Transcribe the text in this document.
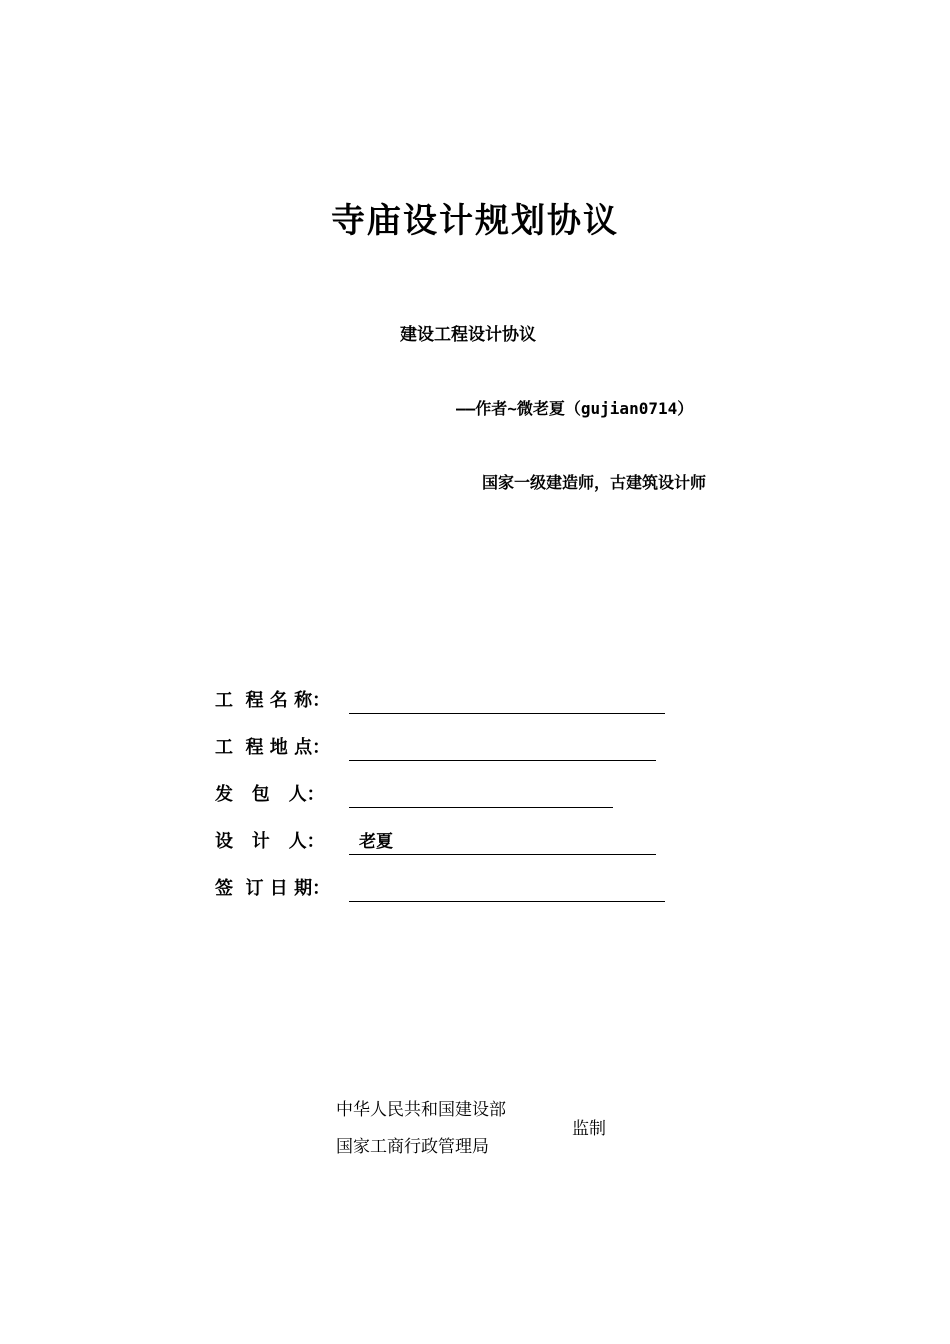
寺庙设计规划协议
建设工程设计协议
——作者~微老夏（gujian0714）
国家一级建造师，古建筑设计师
工  程 名 称：
工  程 地 点：
发   包   人：
设   计   人：	老夏
签  订 日 期：
中华人民共和国建设部
国家工商行政管理局
监制
